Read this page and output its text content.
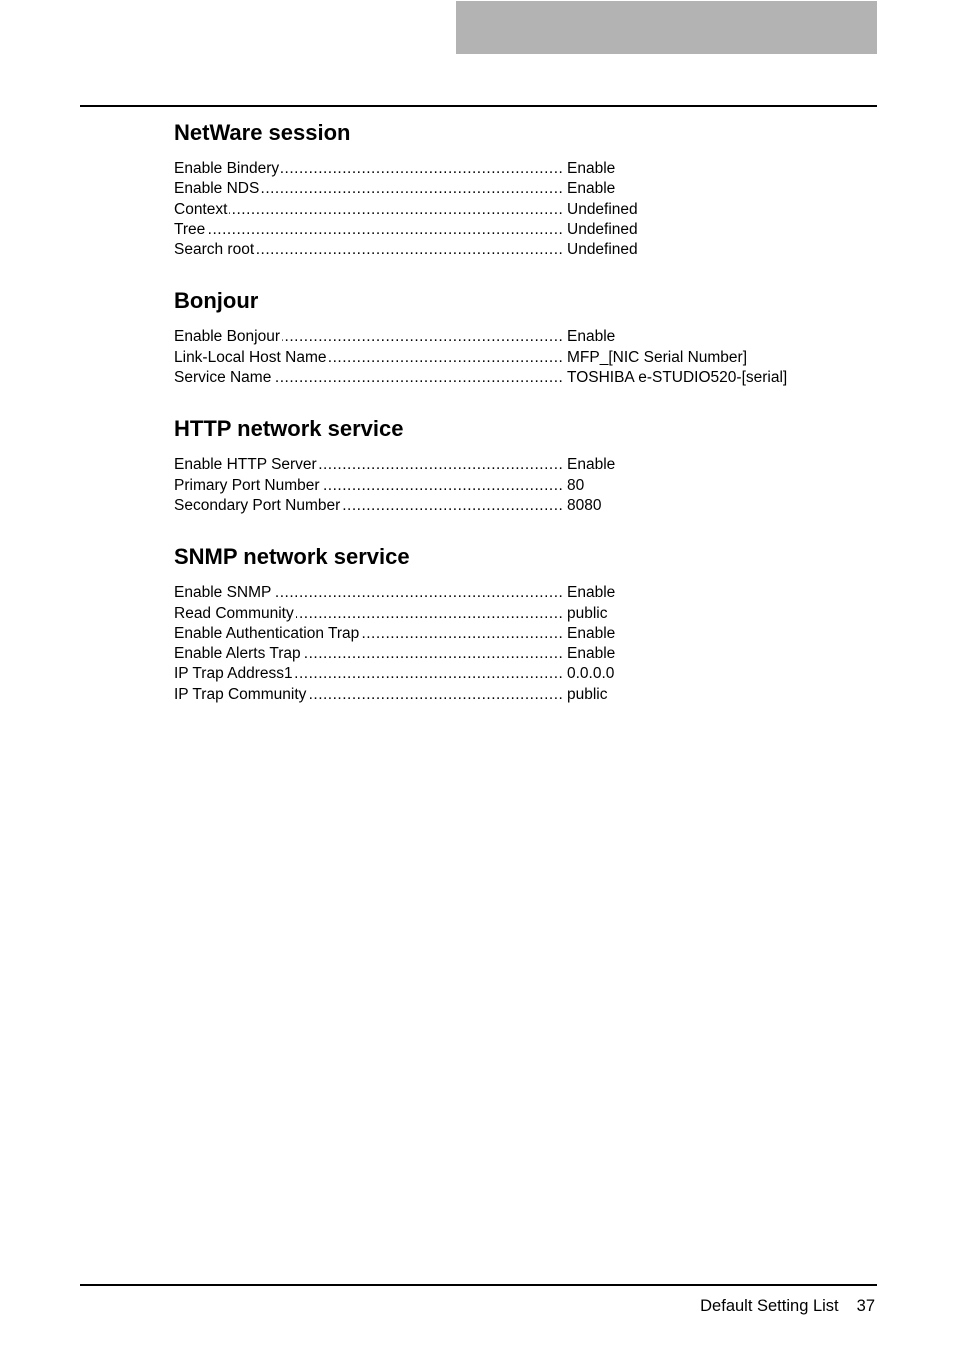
NetWare session
Enable Bindery .....	Enable
Enable NDS .....	Enable
Context .....	Undefined
Tree .....	Undefined
Search root .....	Undefined
Bonjour
Enable Bonjour .....	Enable
Link-Local Host Name .....	MFP_[NIC Serial Number]
Service Name .....	TOSHIBA e-STUDIO520-[serial]
HTTP network service
Enable HTTP Server .....	Enable
Primary Port Number .....	80
Secondary Port Number .....	8080
SNMP network service
Enable SNMP .....	Enable
Read Community .....	public
Enable Authentication Trap .....	Enable
Enable Alerts Trap .....	Enable
IP Trap Address1 .....	0.0.0.0
IP Trap Community .....	public
Default Setting List 37
